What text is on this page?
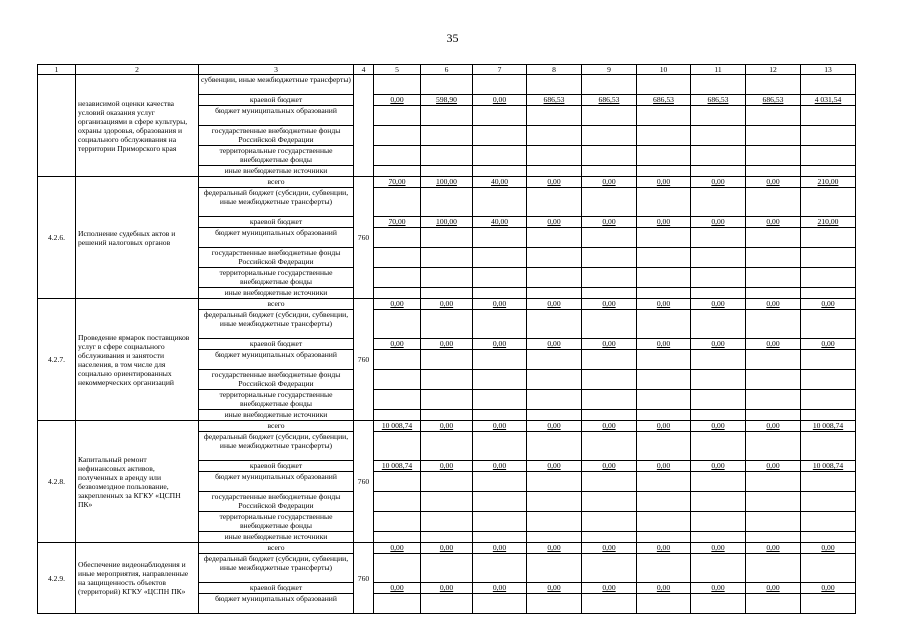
35
1	2	3	4	5	6	7	8	9	10	11	12	13
	независимой оценки качества условий оказания услуг организациями в сфере культуры, охраны здоровья, образования и социального обслуживания на территории Приморского края	субвенции, иные межбюджетные трансферты)										
		краевой бюджет		0,00	598,90	0,00	686,53	686,53	686,53	686,53	686,53	4 031,54
		бюджет муниципальных образований										
		государственные внебюджетные фонды Российской Федерации										
		территориальные государственные внебюджетные фонды										
		иные внебюджетные источники										
4.2.6.	Исполнение судебных актов и решений налоговых органов	всего	760	70,00	100,00	40,00	0,00	0,00	0,00	0,00	0,00	210,00
		федеральный бюджет (субсидии, субвенции, иные межбюджетные трансферты)										
		краевой бюджет		70,00	100,00	40,00	0,00	0,00	0,00	0,00	0,00	210,00
		бюджет муниципальных образований										
		государственные внебюджетные фонды Российской Федерации										
		территориальные государственные внебюджетные фонды										
		иные внебюджетные источники										
4.2.7.	Проведение ярмарок поставщиков услуг в сфере социального обслуживания и занятости населения, в том числе для социально ориентированных некоммерческих организаций	всего	760	0,00	0,00	0,00	0,00	0,00	0,00	0,00	0,00	0,00
		федеральный бюджет (субсидии, субвенции, иные межбюджетные трансферты)										
		краевой бюджет		0,00	0,00	0,00	0,00	0,00	0,00	0,00	0,00	0,00
		бюджет муниципальных образований										
		государственные внебюджетные фонды Российской Федерации										
		территориальные государственные внебюджетные фонды										
		иные внебюджетные источники										
4.2.8.	Капитальный ремонт нефинансовых активов, полученных в аренду или безвозмездное пользование, закрепленных за КГКУ «ЦСПН ПК»	всего	760	10 008,74	0,00	0,00	0,00	0,00	0,00	0,00	0,00	10 008,74
		федеральный бюджет (субсидии, субвенции, иные межбюджетные трансферты)										
		краевой бюджет		10 008,74	0,00	0,00	0,00	0,00	0,00	0,00	0,00	10 008,74
		бюджет муниципальных образований										
		государственные внебюджетные фонды Российской Федерации										
		территориальные государственные внебюджетные фонды										
		иные внебюджетные источники										
4.2.9.	Обеспечение видеонаблюдения и иные мероприятия, направленные на защищенность объектов (территорий) КГКУ «ЦСПН ПК»	всего	760	0,00	0,00	0,00	0,00	0,00	0,00	0,00	0,00	0,00
		федеральный бюджет (субсидии, субвенции, иные межбюджетные трансферты)										
		краевой бюджет		0,00	0,00	0,00	0,00	0,00	0,00	0,00	0,00	0,00
		бюджет муниципальных образований										
